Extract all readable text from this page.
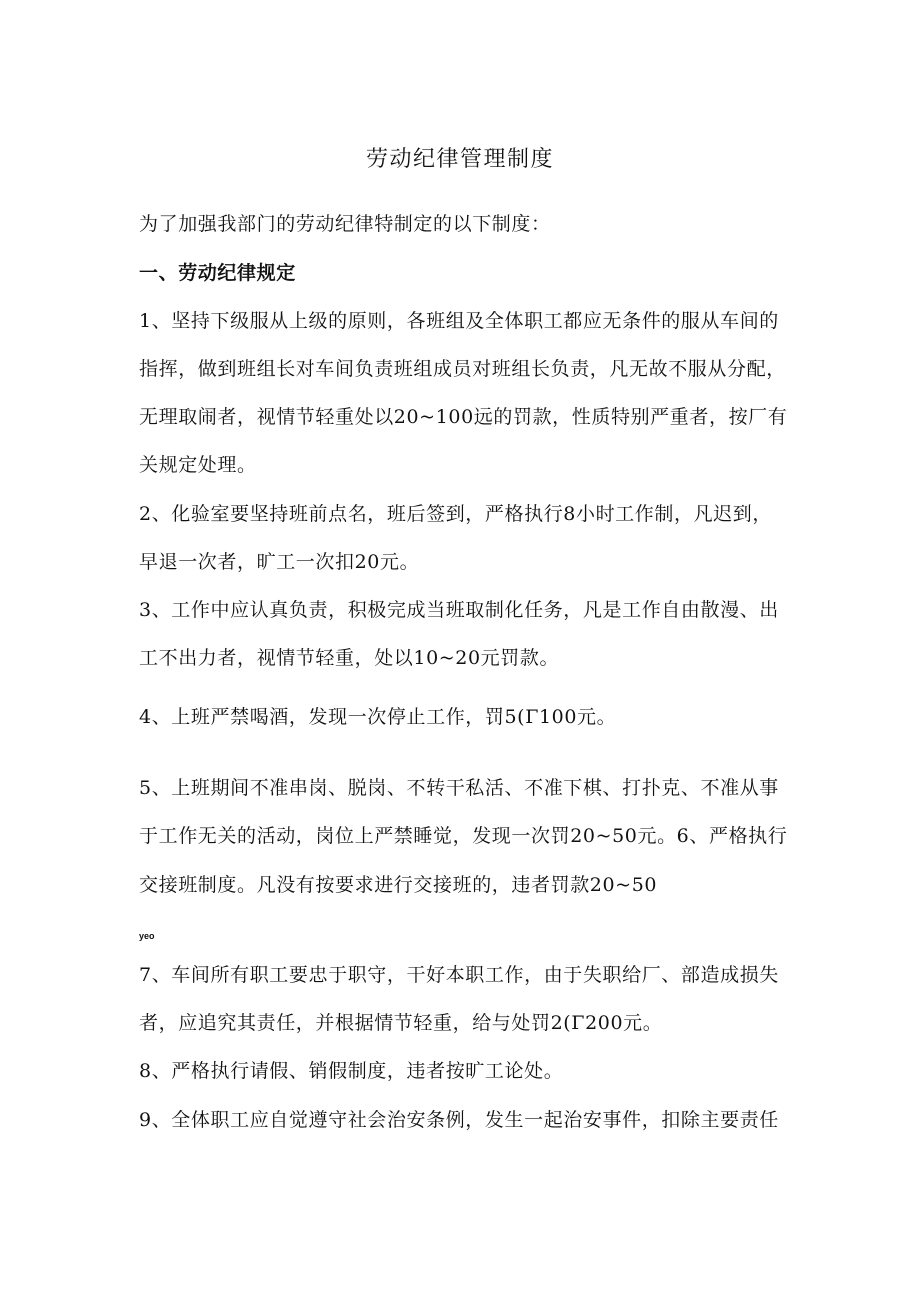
劳动纪律管理制度
为了加强我部门的劳动纪律特制定的以下制度：
一、劳动纪律规定
1、坚持下级服从上级的原则，各班组及全体职工都应无条件的服从车间的
指挥，做到班组长对车间负责班组成员对班组长负责，凡无故不服从分配，
无理取闹者，视情节轻重处以20~100远的罚款，性质特别严重者，按厂有
关规定处理。
2、化验室要坚持班前点名，班后签到，严格执行8小时工作制，凡迟到，
早退一次者，旷工一次扣20元。
3、工作中应认真负责，积极完成当班取制化任务，凡是工作自由散漫、出
工不出力者，视情节轻重，处以10~20元罚款。
4、上班严禁喝酒，发现一次停止工作，罚5(Γ100元。
5、上班期间不准串岗、脱岗、不转干私活、不准下棋、打扑克、不准从事
于工作无关的活动，岗位上严禁睡觉，发现一次罚20~50元。6、严格执行
交接班制度。凡没有按要求进行交接班的，违者罚款20~50
yeo
7、车间所有职工要忠于职守，干好本职工作，由于失职给厂、部造成损失
者，应追究其责任，并根据情节轻重，给与处罚2(Γ200元。
8、严格执行请假、销假制度，违者按旷工论处。
9、全体职工应自觉遵守社会治安条例，发生一起治安事件，扣除主要责任
